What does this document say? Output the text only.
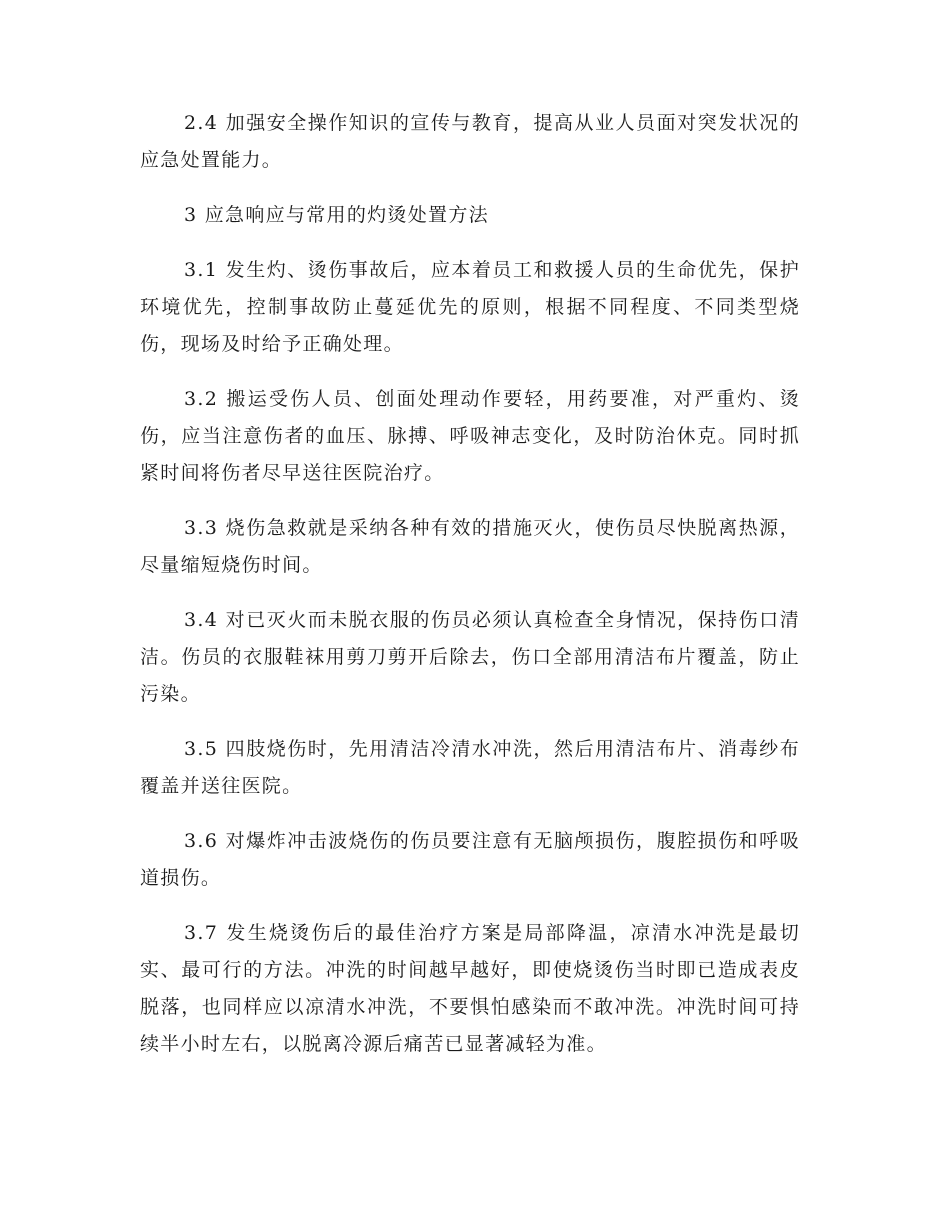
2.4 加强安全操作知识的宣传与教育，提高从业人员面对突发状况的应急处置能力。

3 应急响应与常用的灼烫处置方法

3.1 发生灼、烫伤事故后，应本着员工和救援人员的生命优先，保护环境优先，控制事故防止蔓延优先的原则，根据不同程度、不同类型烧伤，现场及时给予正确处理。

3.2 搬运受伤人员、创面处理动作要轻，用药要准，对严重灼、烫伤，应当注意伤者的血压、脉搏、呼吸神志变化，及时防治休克。同时抓紧时间将伤者尽早送往医院治疗。

3.3 烧伤急救就是采纳各种有效的措施灭火，使伤员尽快脱离热源，尽量缩短烧伤时间。

3.4 对已灭火而未脱衣服的伤员必须认真检查全身情况，保持伤口清洁。伤员的衣服鞋袜用剪刀剪开后除去，伤口全部用清洁布片覆盖，防止污染。

3.5 四肢烧伤时，先用清洁冷清水冲洗，然后用清洁布片、消毒纱布覆盖并送往医院。

3.6 对爆炸冲击波烧伤的伤员要注意有无脑颅损伤，腹腔损伤和呼吸道损伤。

3.7 发生烧烫伤后的最佳治疗方案是局部降温，凉清水冲洗是最切实、最可行的方法。冲洗的时间越早越好，即使烧烫伤当时即已造成表皮脱落，也同样应以凉清水冲洗，不要惧怕感染而不敢冲洗。冲洗时间可持续半小时左右，以脱离冷源后痛苦已显著减轻为准。
